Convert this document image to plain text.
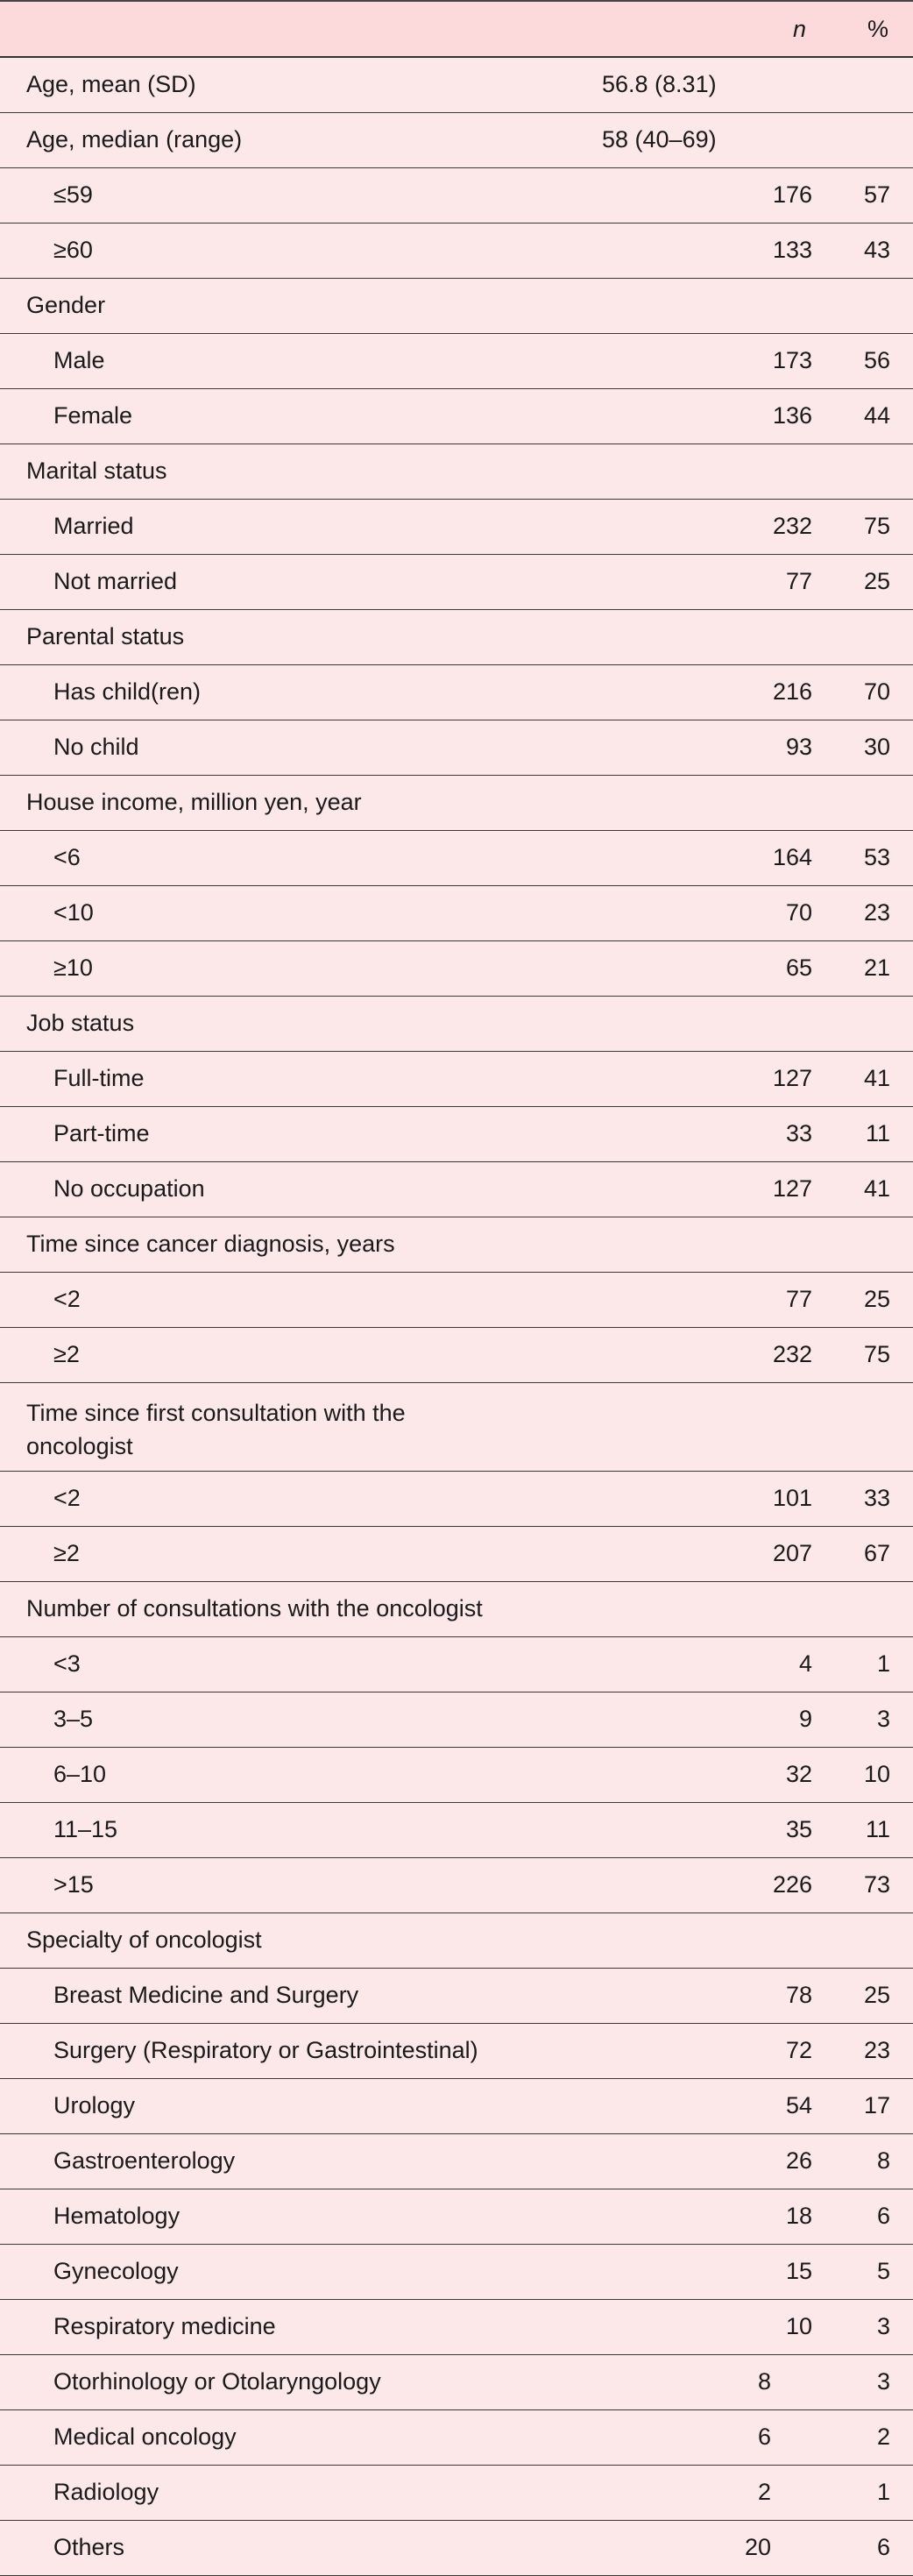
n	%
Age, mean (SD)	56.8 (8.31)
Age, median (range)	58 (40–69)
≤59	176 57
≥60	133 43
Gender
Male	173 56
Female	136 44
Marital status
Married	232 75
Not married	77 25
Parental status
Has child(ren)	216 70
No child	93 30
House income, million yen, year
<6	164 53
<10	70 23
≥10	65 21
Job status
Full-time	127 41
Part-time	33 11
No occupation	127 41
Time since cancer diagnosis, years
<2	77 25
≥2	232 75
Time since first consultation with the
oncologist
<2	101 33
≥2	207 67
Number of consultations with the oncologist
<3	4	1
3–5	9	3
6–10	32 10
11–15	35 11
>15	226 73
Specialty of oncologist
Breast Medicine and Surgery	78 25
Surgery (Respiratory or Gastrointestinal)	72 23
Urology	54 17
Gastroenterology	26	8
Hematology	18	6
Gynecology	15	5
Respiratory medicine	10	3
Otorhinology or Otolaryngology	8	3
Medical oncology	6	2
Radiology	2	1
Others	20	6
